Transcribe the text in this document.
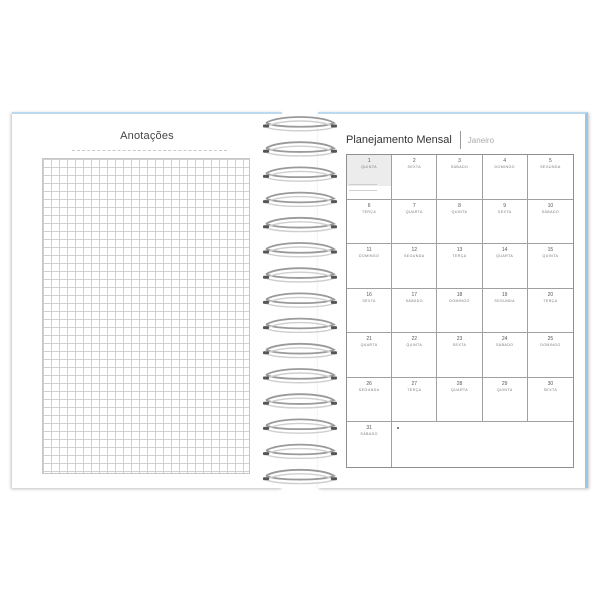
Anotações	Planejamento Mensal Janeiro
1
QUINTA
2
SEXTA
3
SÁBADO
4
DOMINGO
5
SEGUNDA
6
TERÇA
7
QUARTA
8
QUINTA
9
SEXTA
10
SÁBADO
11
DOMINGO
12
SEGUNDA
13
TERÇA
14
QUARTA
15
QUINTA
16
SEXTA
17
SÁBADO
18
DOMINGO
19
SEGUNDA
20
TERÇA
21
QUARTA
22
QUINTA
23
SEXTA
24
SÁBADO
25
DOMINGO
26
SEGUNDA
27
TERÇA
28
QUARTA
29
QUINTA
30
SEXTA
31
SÁBADO
